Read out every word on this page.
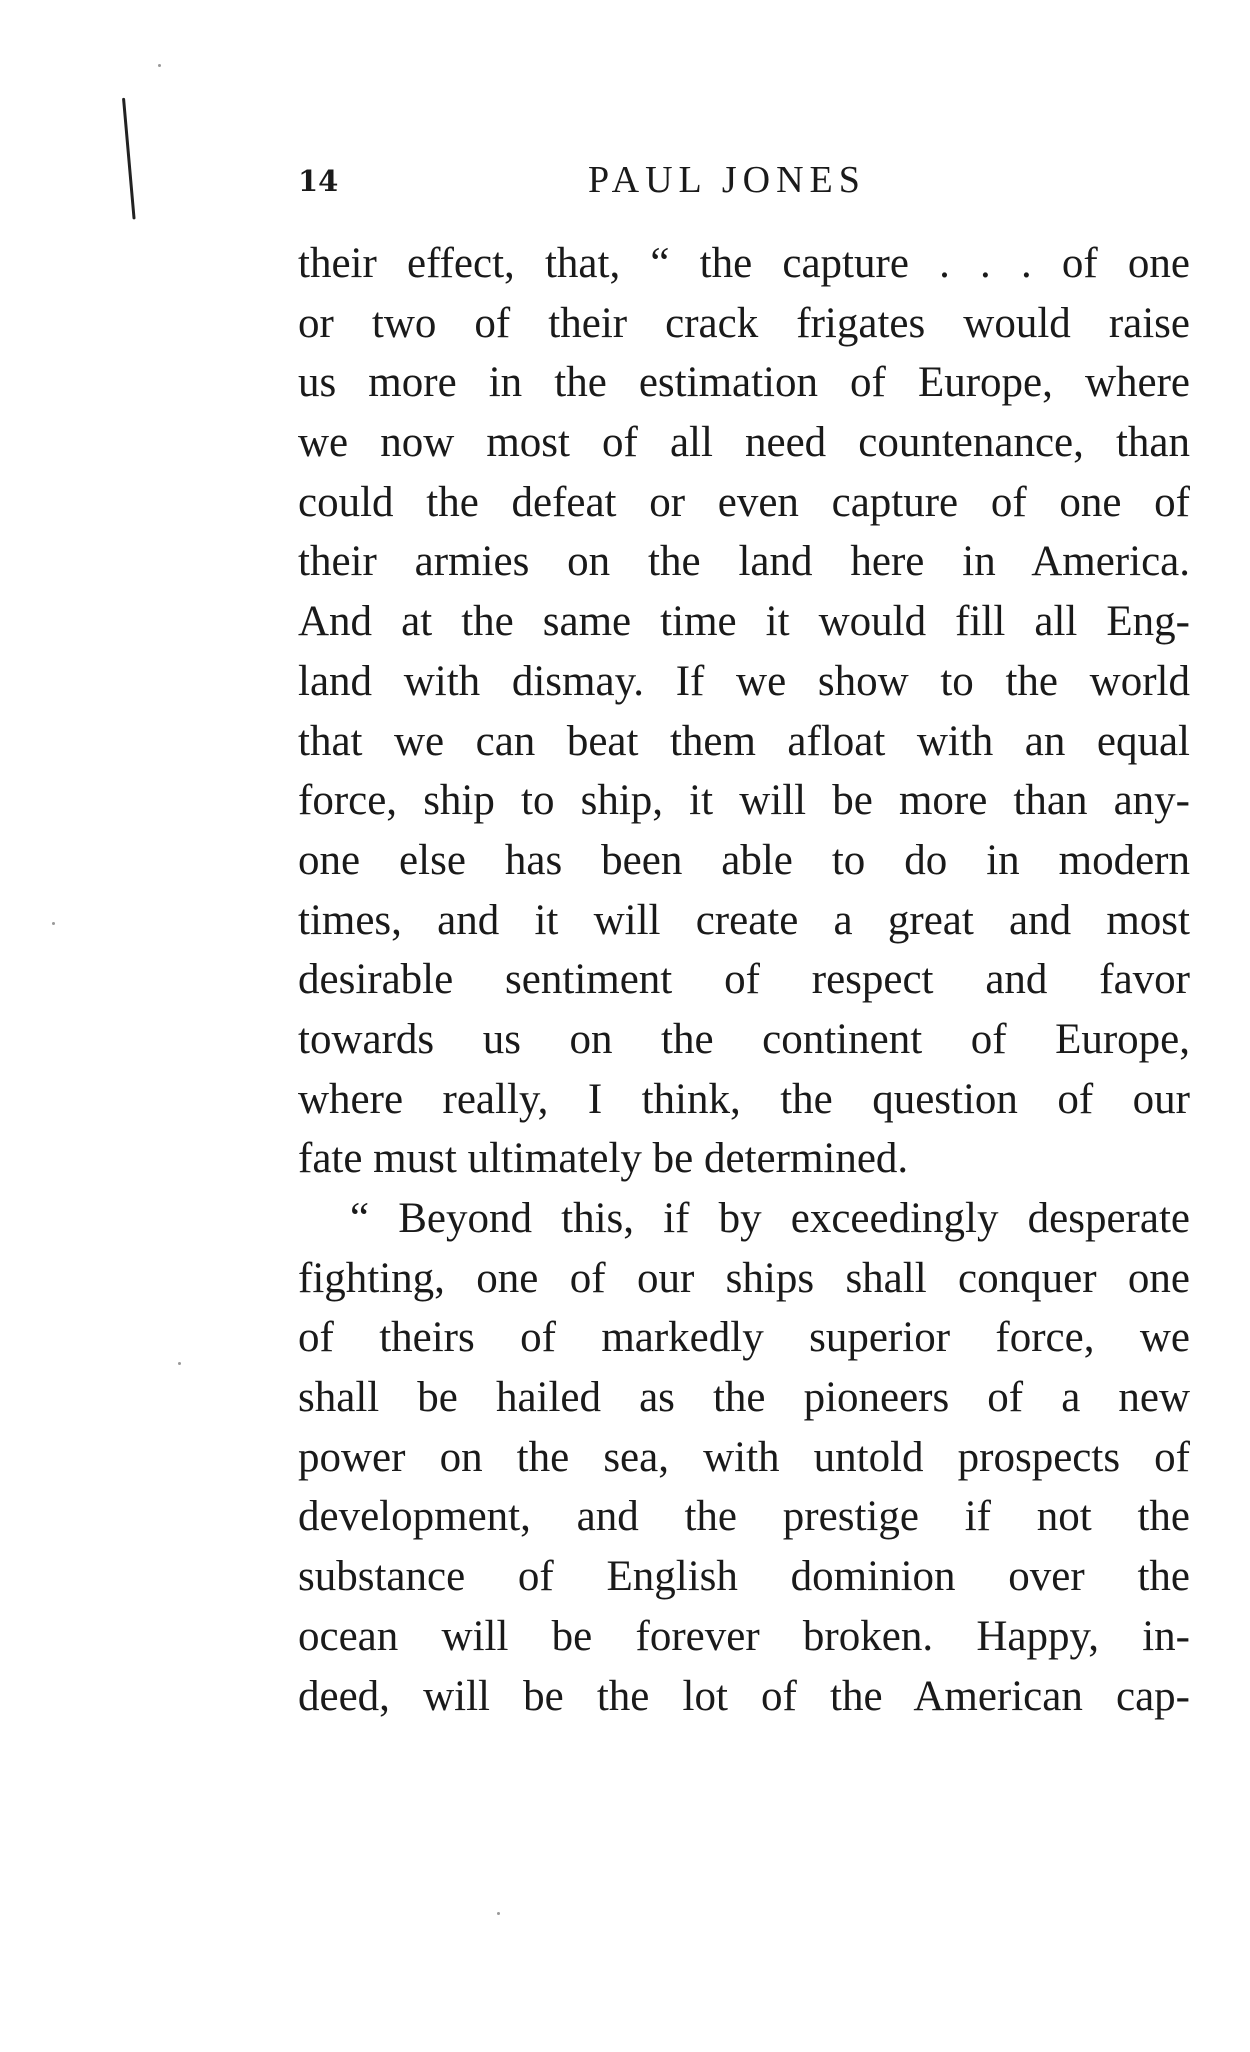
14	PAUL JONES
their effect, that, “ the capture . . . of one
or two of their crack frigates would raise
us more in the estimation of Europe, where
we now most of all need countenance, than
could the defeat or even capture of one of
their armies on the land here in America.
And at the same time it would fill all Eng-
land with dismay. If we show to the world
that we can beat them afloat with an equal
force, ship to ship, it will be more than any-
one else has been able to do in modern
times, and it will create a great and most
desirable sentiment of respect and favor
towards us on the continent of Europe,
where really, I think, the question of our
fate must ultimately be determined.
“ Beyond this, if by exceedingly desperate
fighting, one of our ships shall conquer one
of theirs of markedly superior force, we
shall be hailed as the pioneers of a new
power on the sea, with untold prospects of
development, and the prestige if not the
substance of English dominion over the
ocean will be forever broken. Happy, in-
deed, will be the lot of the American cap-
